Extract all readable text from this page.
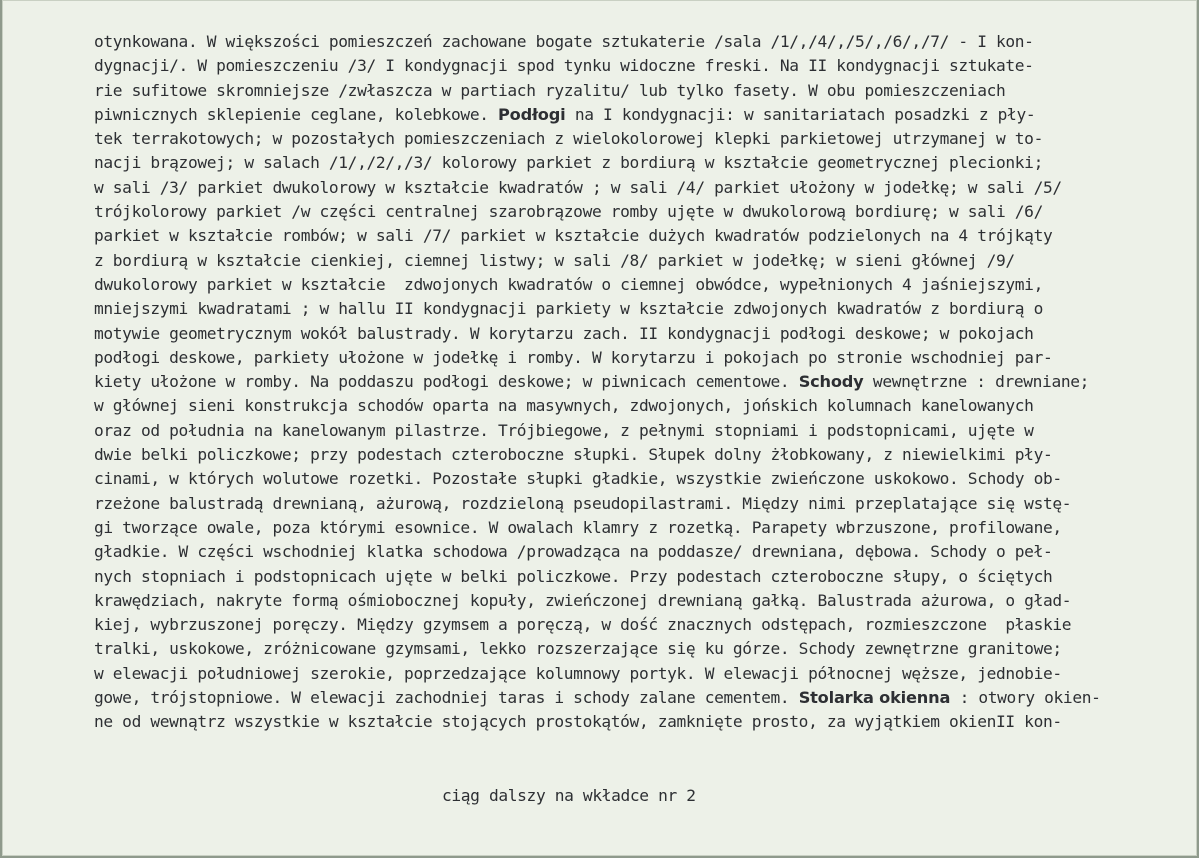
otynkowana. W większości pomieszczeń zachowane bogate sztukaterie /sala /1/,/4/,/5/,/6/,/7/ - I kon-
dygnacji/. W pomieszczeniu /3/ I kondygnacji spod tynku widoczne freski. Na II kondygnacji sztukate-
rie sufitowe skromniejsze /zwłaszcza w partiach ryzalitu/ lub tylko fasety. W obu pomieszczeniach
piwnicznych sklepienie ceglane, kolebkowe. Podłogi na I kondygnacji: w sanitariatach posadzki z pły-
tek terrakotowych; w pozostałych pomieszczeniach z wielokolorowej klepki parkietowej utrzymanej w to-
nacji brązowej; w salach /1/,/2/,/3/ kolorowy parkiet z bordiurą w kształcie geometrycznej plecionki;
w sali /3/ parkiet dwukolorowy w kształcie kwadratów ; w sali /4/ parkiet ułożony w jodełkę; w sali /5/
trójkolorowy parkiet /w części centralnej szarobrązowe romby ujęte w dwukolorową bordiurę; w sali /6/
parkiet w kształcie rombów; w sali /7/ parkiet w kształcie dużych kwadratów podzielonych na 4 trójkąty
z bordiurą w kształcie cienkiej, ciemnej listwy; w sali /8/ parkiet w jodełkę; w sieni głównej /9/
dwukolorowy parkiet w kształcie  zdwojonych kwadratów o ciemnej obwódce, wypełnionych 4 jaśniejszymi,
mniejszymi kwadratami ; w hallu II kondygnacji parkiety w kształcie zdwojonych kwadratów z bordiurą o
motywie geometrycznym wokół balustrady. W korytarzu zach. II kondygnacji podłogi deskowe; w pokojach
podłogi deskowe, parkiety ułożone w jodełkę i romby. W korytarzu i pokojach po stronie wschodniej par-
kiety ułożone w romby. Na poddaszu podłogi deskowe; w piwnicach cementowe. Schody wewnętrzne : drewniane;
w głównej sieni konstrukcja schodów oparta na masywnych, zdwojonych, jońskich kolumnach kanelowanych
oraz od południa na kanelowanym pilastrze. Trójbiegowe, z pełnymi stopniami i podstopnicami, ujęte w
dwie belki policzkowe; przy podestach czteroboczne słupki. Słupek dolny żłobkowany, z niewielkimi pły-
cinami, w których wolutowe rozetki. Pozostałe słupki gładkie, wszystkie zwieńczone uskokowo. Schody ob-
rzeżone balustradą drewnianą, ażurową, rozdzieloną pseudopilastrami. Między nimi przeplatające się wstę-
gi tworzące owale, poza którymi esownice. W owalach klamry z rozetką. Parapety wbrzuszone, profilowane,
gładkie. W części wschodniej klatka schodowa /prowadząca na poddasze/ drewniana, dębowa. Schody o peł-
nych stopniach i podstopnicach ujęte w belki policzkowe. Przy podestach czteroboczne słupy, o ściętych
krawędziach, nakryte formą ośmiobocznej kopuły, zwieńczonej drewnianą gałką. Balustrada ażurowa, o gład-
kiej, wybrzuszonej poręczy. Między gzymsem a poręczą, w dość znacznych odstępach, rozmieszczone  płaskie
tralki, uskokowe, zróżnicowane gzymsami, lekko rozszerzające się ku górze. Schody zewnętrzne granitowe;
w elewacji południowej szerokie, poprzedzające kolumnowy portyk. W elewacji północnej węższe, jednobie-
gowe, trójstopniowe. W elewacji zachodniej taras i schody zalane cementem. Stolarka okienna : otwory okien-
ne od wewnątrz wszystkie w kształcie stojących prostokątów, zamknięte prosto, za wyjątkiem okienII kon-
ciąg dalszy na wkładce nr 2
